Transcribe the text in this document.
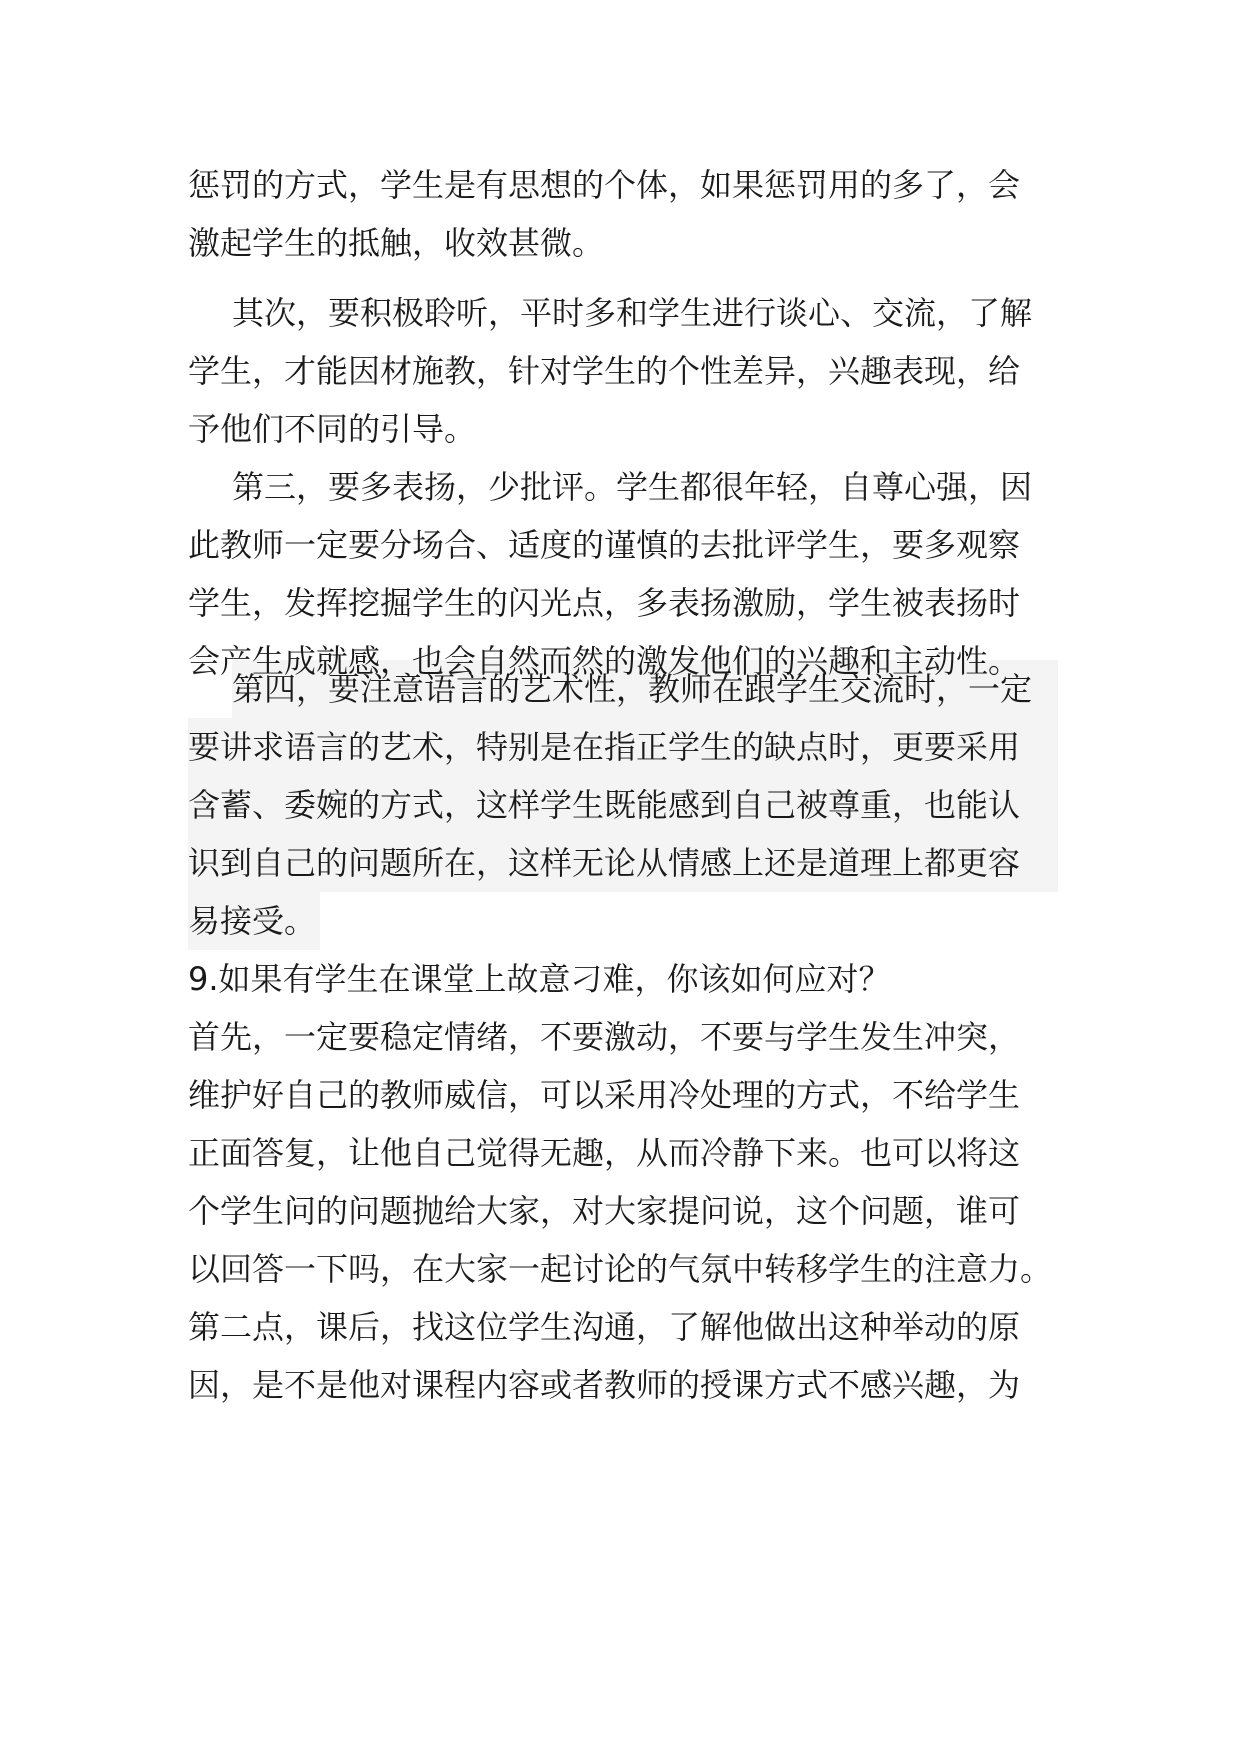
惩罚的方式，学生是有思想的个体，如果惩罚用的多了，会
激起学生的抵触，收效甚微。
其次，要积极聆听，平时多和学生进行谈心、交流，了解
学生，才能因材施教，针对学生的个性差异，兴趣表现，给
予他们不同的引导。
第三，要多表扬，少批评。学生都很年轻，自尊心强，因
此教师一定要分场合、适度的谨慎的去批评学生，要多观察
学生，发挥挖掘学生的闪光点，多表扬激励，学生被表扬时
会产生成就感，也会自然而然的激发他们的兴趣和主动性。
第四，要注意语言的艺术性，教师在跟学生交流时，一定
要讲求语言的艺术，特别是在指正学生的缺点时，更要采用
含蓄、委婉的方式，这样学生既能感到自己被尊重，也能认
识到自己的问题所在，这样无论从情感上还是道理上都更容
易接受。
9.如果有学生在课堂上故意刁难，你该如何应对？
首先，一定要稳定情绪，不要激动，不要与学生发生冲突，
维护好自己的教师威信，可以采用冷处理的方式，不给学生
正面答复，让他自己觉得无趣，从而冷静下来。也可以将这
个学生问的问题抛给大家，对大家提问说，这个问题，谁可
以回答一下吗，在大家一起讨论的气氛中转移学生的注意力。
第二点，课后，找这位学生沟通，了解他做出这种举动的原
因，是不是他对课程内容或者教师的授课方式不感兴趣，为
